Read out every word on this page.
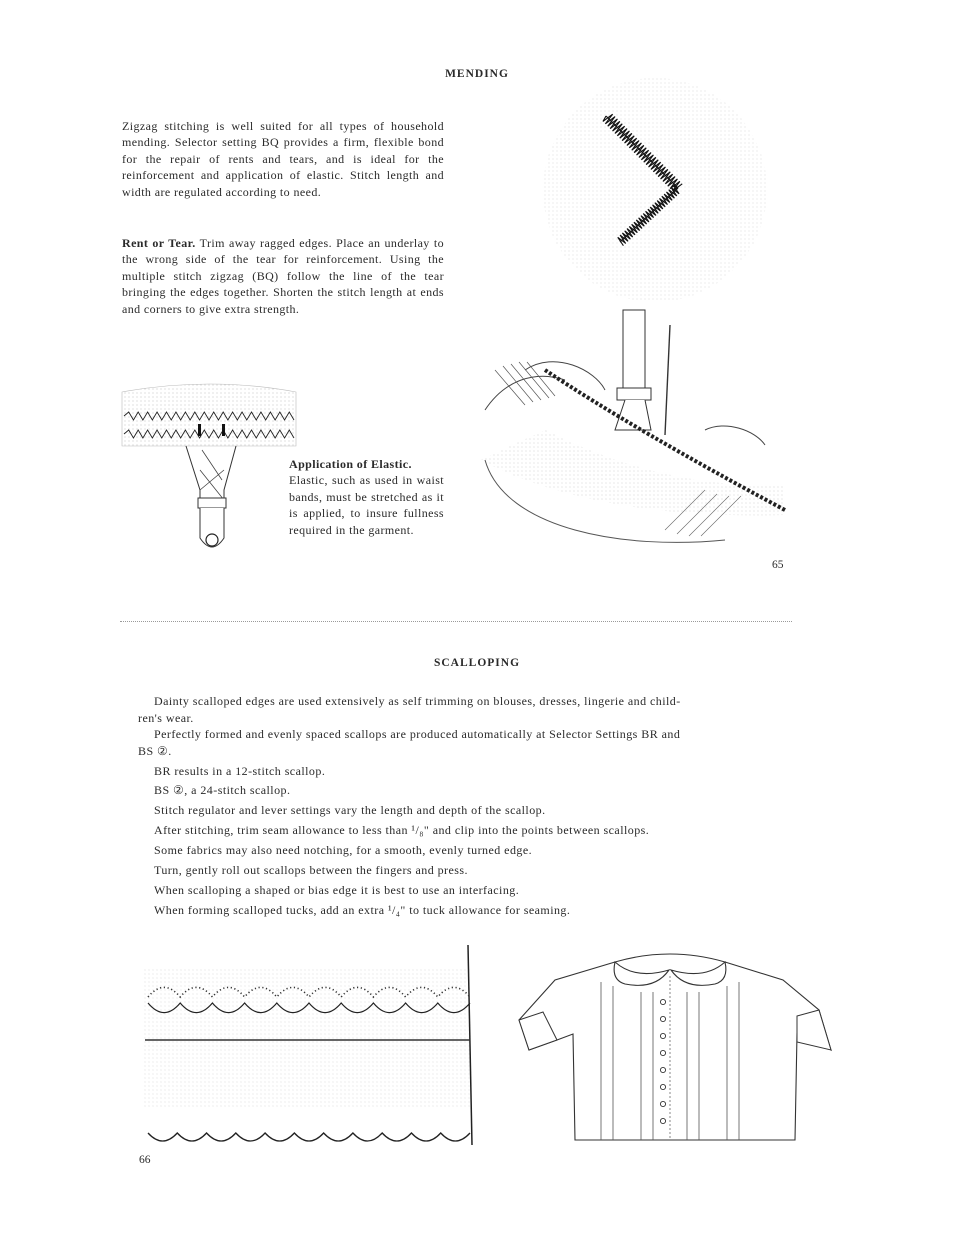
MENDING
Zigzag stitching is well suited for all types of household mending. Selector setting BQ provides a firm, flexible bond for the repair of rents and tears, and is ideal for the reinforcement and application of elastic. Stitch length and width are regulated according to need.
Rent or Tear. Trim away ragged edges. Place an underlay to the wrong side of the tear for reinforcement. Using the multiple stitch zigzag (BQ) follow the line of the tear bringing the edges together. Shorten the stitch length at ends and corners to give extra strength.
Application of Elastic.
Elastic, such as used in waist bands, must be stretched as it is applied, to insure fullness required in the garment.
65
SCALLOPING
Dainty scalloped edges are used extensively as self trimming on blouses, dresses, lingerie and child-
ren's wear.
Perfectly formed and evenly spaced scallops are produced automatically at Selector Settings BR and
BS ②.
BR results in a 12-stitch scallop.
BS ②, a 24-stitch scallop.
Stitch regulator and lever settings vary the length and depth of the scallop.
After stitching, trim seam allowance to less than ¹/₈" and clip into the points between scallops.
Some fabrics may also need notching, for a smooth, evenly turned edge.
Turn, gently roll out scallops between the fingers and press.
When scalloping a shaped or bias edge it is best to use an interfacing.
When forming scalloped tucks, add an extra ¹/₄" to tuck allowance for seaming.
66
